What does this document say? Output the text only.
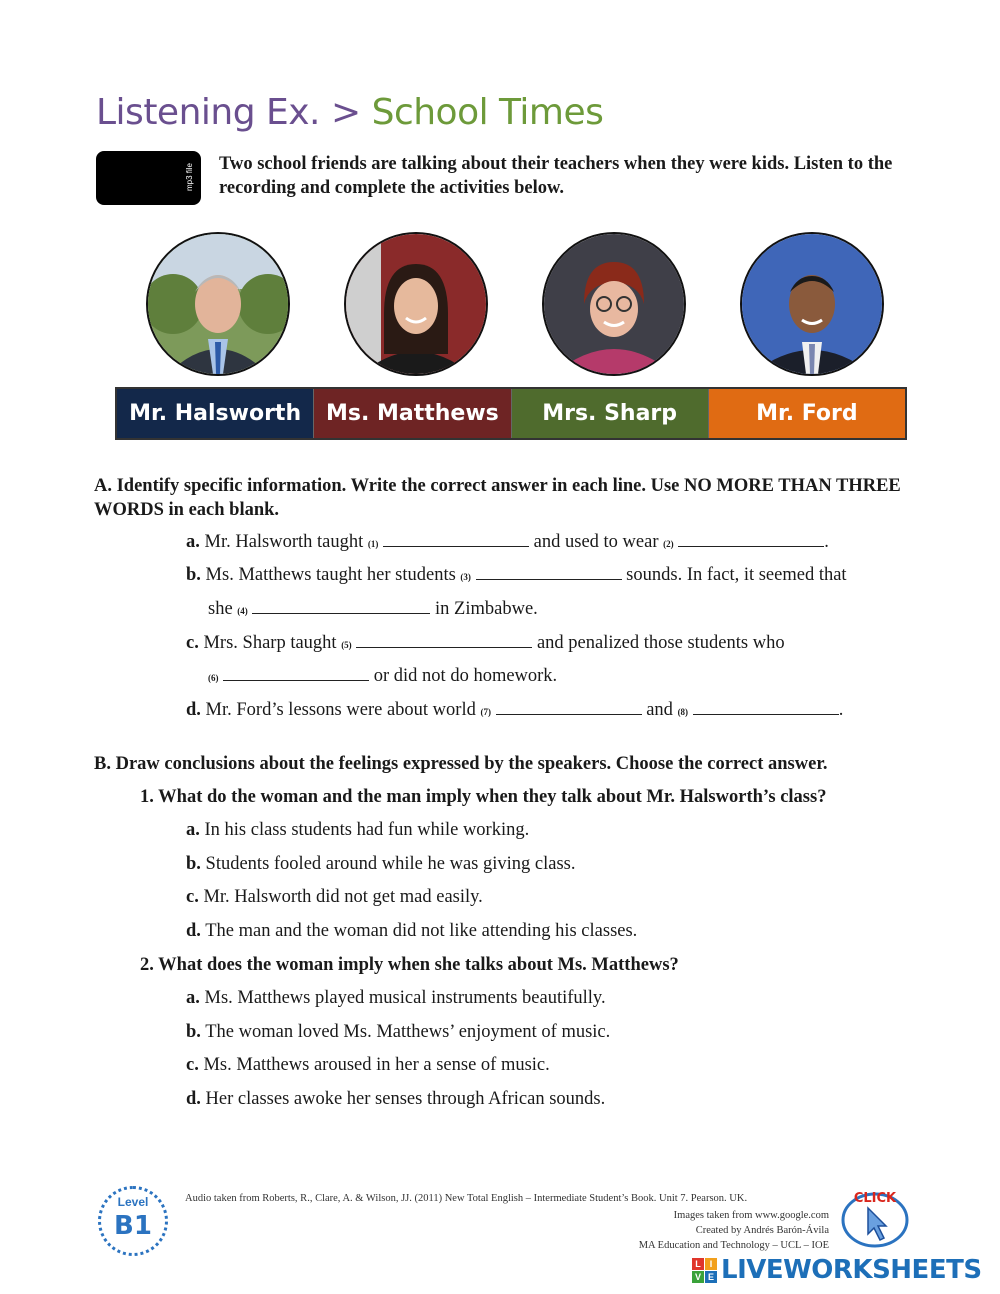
Listening Ex. > School Times
mp3 file Two school friends are talking about their teachers when they were kids. Listen to the recording and complete the activities below.
Mr. Halsworth	Ms. Matthews	Mrs. Sharp	Mr. Ford
A. Identify specific information. Write the correct answer in each line. Use NO MORE THAN THREE WORDS in each blank.
a. Mr. Halsworth taught (1)	and used to wear (2)	.
b. Ms. Matthews taught her students (3)	sounds. In fact, it seemed that
she (4)	in Zimbabwe.
c. Mrs. Sharp taught (5)	and penalized those students who
(6)	or did not do homework.
d. Mr. Ford’s lessons were about world (7)	and (8)	.
B. Draw conclusions about the feelings expressed by the speakers. Choose the correct answer.
1. What do the woman and the man imply when they talk about Mr. Halsworth’s class?
a. In his class students had fun while working.
b. Students fooled around while he was giving class.
c. Mr. Halsworth did not get mad easily.
d. The man and the woman did not like attending his classes.
2. What does the woman imply when she talks about Ms. Matthews?
a. Ms. Matthews played musical instruments beautifully.
b. The woman loved Ms. Matthews’ enjoyment of music.
c. Ms. Matthews aroused in her a sense of music.
d. Her classes awoke her senses through African sounds.
Level
B1
Audio taken from Roberts, R., Clare, A. & Wilson, JJ. (2011) New Total English – Intermediate Student’s Book. Unit 7. Pearson. UK.
Images taken from www.google.com
Created by Andrés Barón-Ávila
MA Education and Technology – UCL – IOE
CLICK
L I
V E LIVEWORKSHEETS
